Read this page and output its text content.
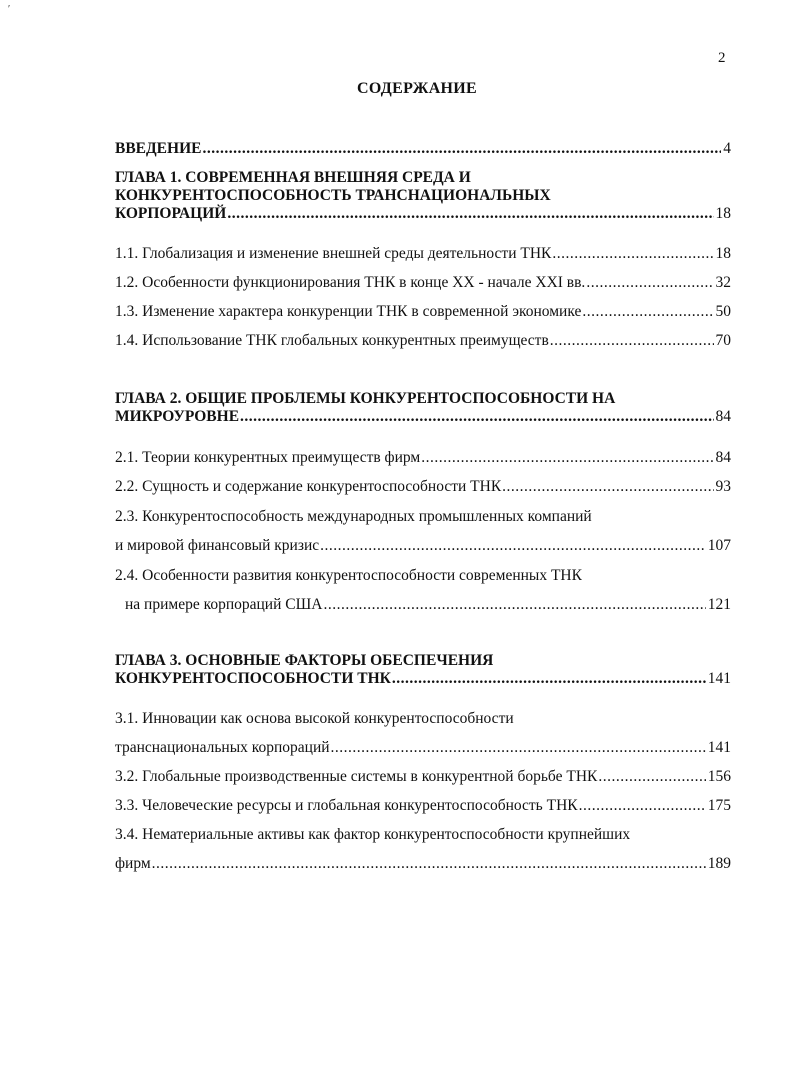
ʹ
2
СОДЕРЖАНИЕ
ВВЕДЕНИЕ .....	4
ГЛАВА 1. СОВРЕМЕННАЯ ВНЕШНЯЯ СРЕДА И
КОНКУРЕНТОСПОСОБНОСТЬ ТРАНСНАЦИОНАЛЬНЫХ
КОРПОРАЦИЙ .....	18
1.1. Глобализация и изменение внешней среды деятельности ТНК .....	18
1.2. Особенности функционирования ТНК в конце XX - начале XXI вв. .....	32
1.3. Изменение характера конкуренции ТНК в современной экономике .....	50
1.4. Использование ТНК глобальных конкурентных преимуществ .....	70
ГЛАВА 2. ОБЩИЕ ПРОБЛЕМЫ КОНКУРЕНТОСПОСОБНОСТИ НА
МИКРОУРОВНЕ .....	84
2.1. Теории конкурентных преимуществ фирм .....	84
2.2. Сущность и содержание конкурентоспособности ТНК .....	93
2.3. Конкурентоспособность международных промышленных компаний
и мировой финансовый кризис .....	107
2.4. Особенности развития конкурентоспособности современных ТНК
на примере корпораций США .....	121
ГЛАВА 3. ОСНОВНЫЕ ФАКТОРЫ ОБЕСПЕЧЕНИЯ
КОНКУРЕНТОСПОСОБНОСТИ ТНК .....	141
3.1. Инновации как основа высокой конкурентоспособности
транснациональных корпораций .....	141
3.2. Глобальные производственные системы в конкурентной борьбе ТНК .....	156
3.3. Человеческие ресурсы и глобальная конкурентоспособность ТНК .....	175
3.4. Нематериальные активы как фактор конкурентоспособности крупнейших
фирм .....	189
